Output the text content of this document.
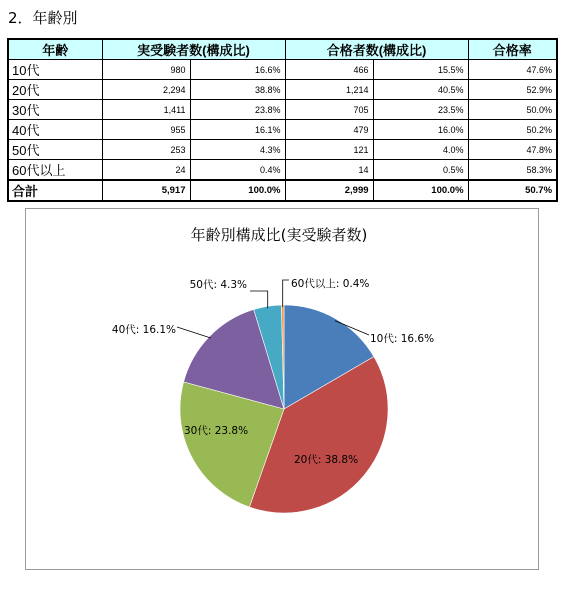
2．年齢別
年齢	実受験者数(構成比)		合格者数(構成比)		合格率
10代	980	16.6%	466	15.5%	47.6%
20代	2,294	38.8%	1,214	40.5%	52.9%
30代	1,411	23.8%	705	23.5%	50.0%
40代	955	16.1%	479	16.0%	50.2%
50代	253	4.3%	121	4.0%	47.8%
60代以上	24	0.4%	14	0.5%	58.3%
合計	5,917	100.0%	2,999	100.0%	50.7%
年齢別構成比(実受験者数)
10代: 16.6%
20代: 38.8%
30代: 23.8%
40代: 16.1%
50代: 4.3%	60代以上: 0.4%
